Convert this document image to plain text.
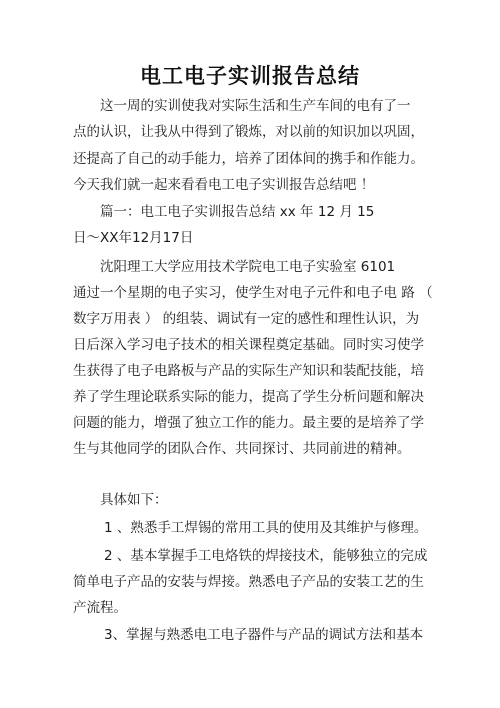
电工电子实训报告总结
这一周的实训使我对实际生活和生产车间的电有了一
点的认识，让我从中得到了锻炼，对以前的知识加以巩固，
还提高了自己的动手能力，培养了团体间的携手和作能力。
今天我们就一起来看看电工电子实训报告总结吧 ！
篇一：电工电子实训报告总结 xx 年 12 月 15
日～XX年12月17日
沈阳理工大学应用技术学院电工电子实验室 6101
通过一个星期的电子实习，使学生对电子元件和电子电 路 （
数字万用表 ） 的组装、调试有一定的感性和理性认识，为
日后深入学习电子技术的相关课程奠定基础。同时实习使学
生获得了电子电路板与产品的实际生产知识和装配技能，培
养了学生理论联系实际的能力，提高了学生分析问题和解决
问题的能力，增强了独立工作的能力。最主要的是培养了学
生与其他同学的团队合作、共同探讨、共同前进的精神。
具体如下：
1 、熟悉手工焊锡的常用工具的使用及其维护与修理。
2 、基本掌握手工电烙铁的焊接技术，能够独立的完成
简单电子产品的安装与焊接。熟悉电子产品的安装工艺的生
产流程。
3、掌握与熟悉电工电子器件与产品的调试方法和基本
